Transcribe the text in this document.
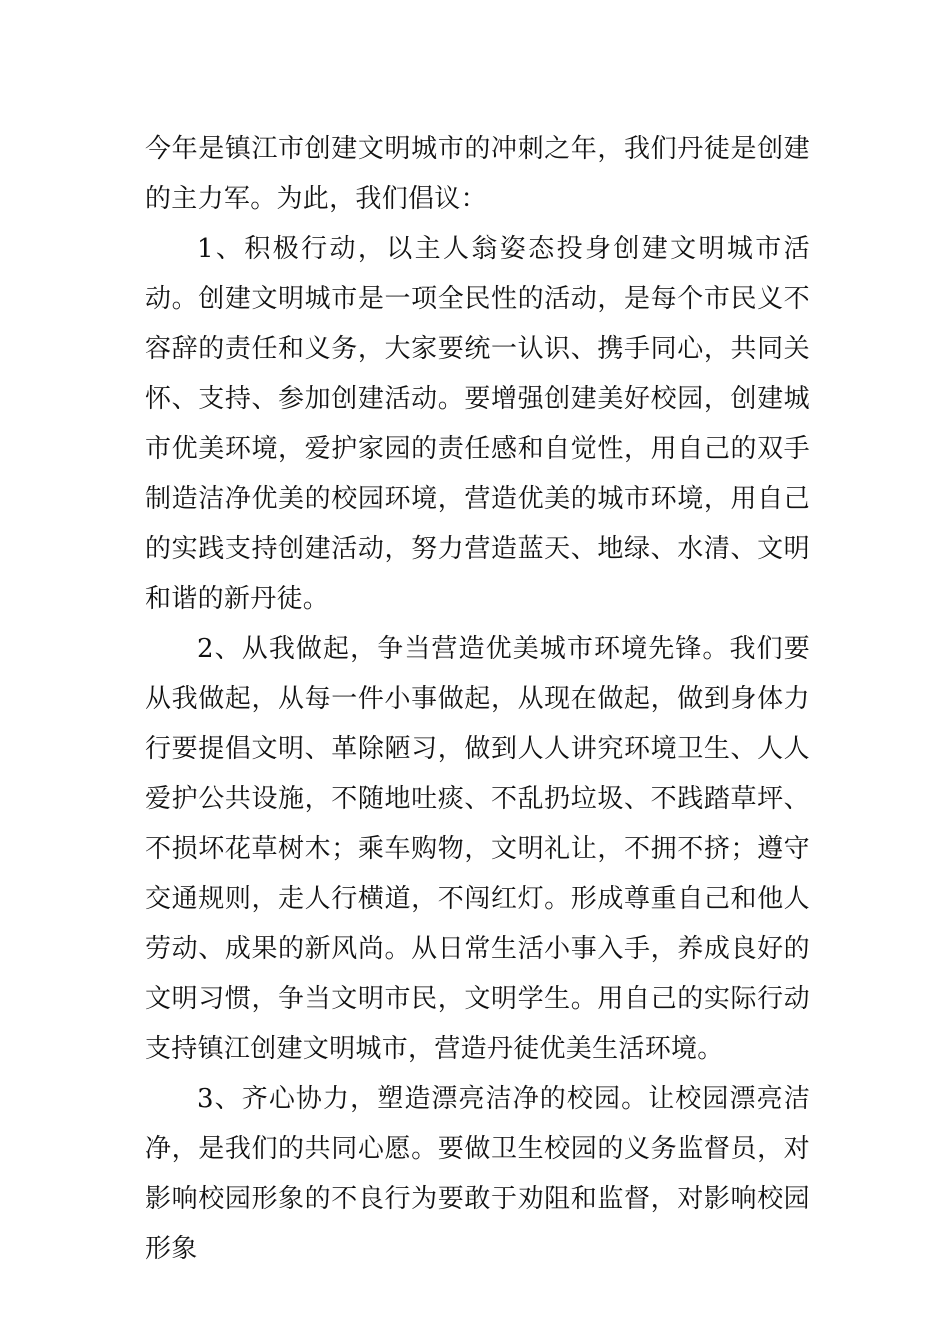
今年是镇江市创建文明城市的冲刺之年，我们丹徒是创建的主力军。为此，我们倡议：

1、积极行动，以主人翁姿态投身创建文明城市活动。创建文明城市是一项全民性的活动，是每个市民义不容辞的责任和义务，大家要统一认识、携手同心，共同关怀、支持、参加创建活动。要增强创建美好校园，创建城市优美环境，爱护家园的责任感和自觉性，用自己的双手制造洁净优美的校园环境，营造优美的城市环境，用自己的实践支持创建活动，努力营造蓝天、地绿、水清、文明和谐的新丹徒。

2、从我做起，争当营造优美城市环境先锋。我们要从我做起，从每一件小事做起，从现在做起，做到身体力行要提倡文明、革除陋习，做到人人讲究环境卫生、人人爱护公共设施，不随地吐痰、不乱扔垃圾、不践踏草坪、不损坏花草树木；乘车购物，文明礼让，不拥不挤；遵守交通规则，走人行横道，不闯红灯。形成尊重自己和他人劳动、成果的新风尚。从日常生活小事入手，养成良好的文明习惯，争当文明市民，文明学生。用自己的实际行动支持镇江创建文明城市，营造丹徒优美生活环境。

3、齐心协力，塑造漂亮洁净的校园。让校园漂亮洁净，是我们的共同心愿。要做卫生校园的义务监督员，对影响校园形象的不良行为要敢于劝阻和监督，对影响校园形象
